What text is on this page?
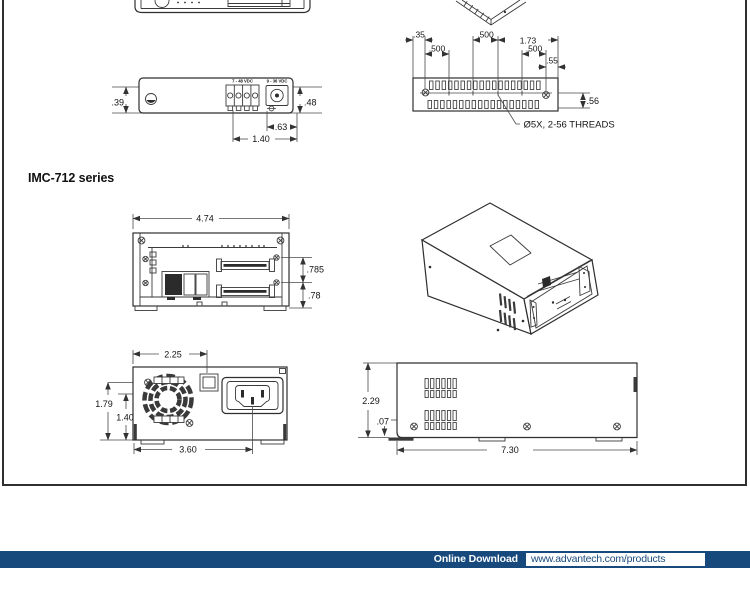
7 - 48 VDC	9 - 36 VDC
.39	.48
.63
1.40
.35	.500
1.73
.500	.500
.55
.56
Ø5X, 2-56 THREADS
4.74
.785
.78
2.25
1.79
1.40
3.60
2.29
.07
7.30
IMC-712 series
Online Download	www.advantech.com/products
